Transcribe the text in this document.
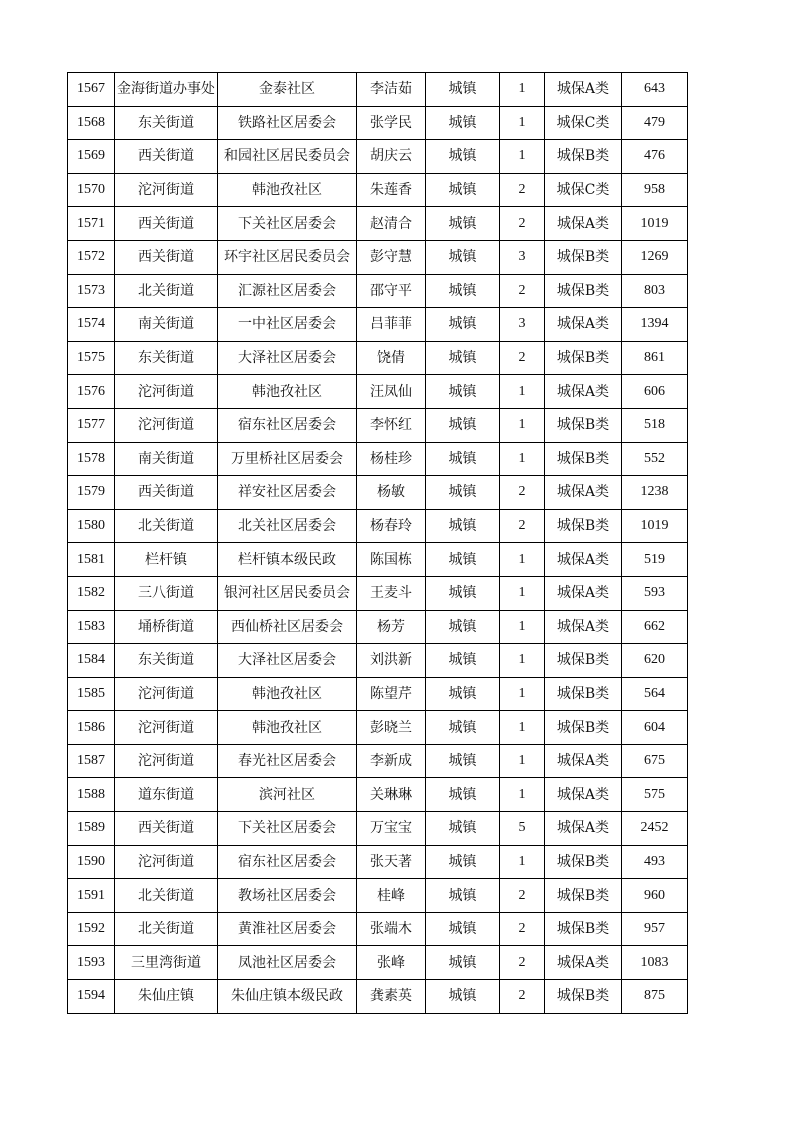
1567	金海街道办事处	金泰社区	李洁茹	城镇	1	城保A类	643
1568	东关街道	铁路社区居委会	张学民	城镇	1	城保C类	479
1569	西关街道	和园社区居民委员会	胡庆云	城镇	1	城保B类	476
1570	沱河街道	韩池孜社区	朱莲香	城镇	2	城保C类	958
1571	西关街道	下关社区居委会	赵清合	城镇	2	城保A类	1019
1572	西关街道	环宇社区居民委员会	彭守慧	城镇	3	城保B类	1269
1573	北关街道	汇源社区居委会	邵守平	城镇	2	城保B类	803
1574	南关街道	一中社区居委会	吕菲菲	城镇	3	城保A类	1394
1575	东关街道	大泽社区居委会	饶倩	城镇	2	城保B类	861
1576	沱河街道	韩池孜社区	汪凤仙	城镇	1	城保A类	606
1577	沱河街道	宿东社区居委会	李怀红	城镇	1	城保B类	518
1578	南关街道	万里桥社区居委会	杨桂珍	城镇	1	城保B类	552
1579	西关街道	祥安社区居委会	杨敏	城镇	2	城保A类	1238
1580	北关街道	北关社区居委会	杨春玲	城镇	2	城保B类	1019
1581	栏杆镇	栏杆镇本级民政	陈国栋	城镇	1	城保A类	519
1582	三八街道	银河社区居民委员会	王麦斗	城镇	1	城保A类	593
1583	埇桥街道	西仙桥社区居委会	杨芳	城镇	1	城保A类	662
1584	东关街道	大泽社区居委会	刘洪新	城镇	1	城保B类	620
1585	沱河街道	韩池孜社区	陈望芹	城镇	1	城保B类	564
1586	沱河街道	韩池孜社区	彭晓兰	城镇	1	城保B类	604
1587	沱河街道	春光社区居委会	李新成	城镇	1	城保A类	675
1588	道东街道	滨河社区	关琳琳	城镇	1	城保A类	575
1589	西关街道	下关社区居委会	万宝宝	城镇	5	城保A类	2452
1590	沱河街道	宿东社区居委会	张天著	城镇	1	城保B类	493
1591	北关街道	教场社区居委会	桂峰	城镇	2	城保B类	960
1592	北关街道	黄淮社区居委会	张端木	城镇	2	城保B类	957
1593	三里湾街道	凤池社区居委会	张峰	城镇	2	城保A类	1083
1594	朱仙庄镇	朱仙庄镇本级民政	龚素英	城镇	2	城保B类	875
